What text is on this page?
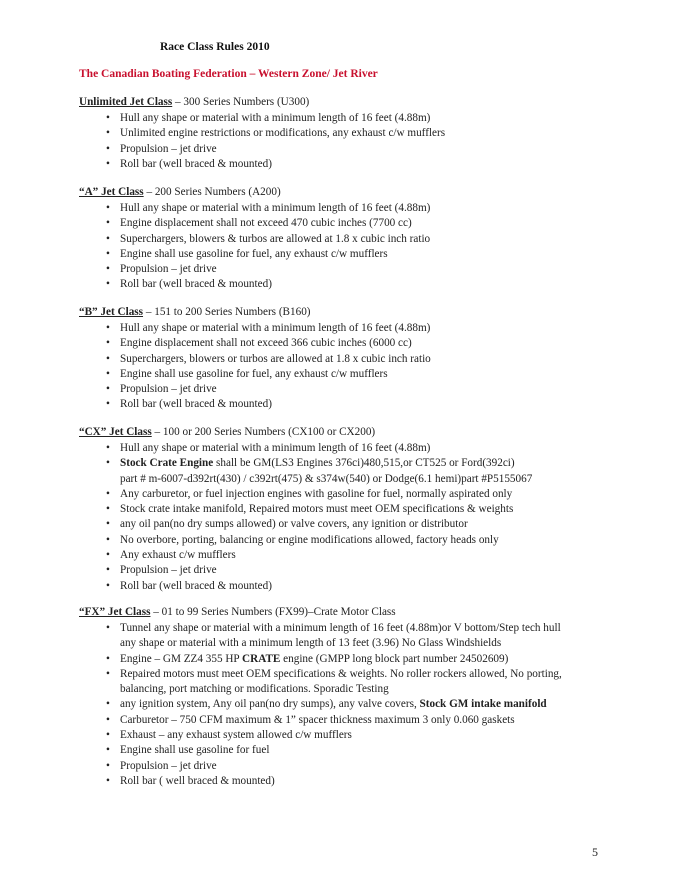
Race Class Rules 2010
The Canadian Boating Federation – Western Zone/ Jet River
Unlimited Jet Class – 300 Series Numbers (U300)
• Hull any shape or material with a minimum length of 16 feet (4.88m)
• Unlimited engine restrictions or modifications, any exhaust c/w mufflers
• Propulsion – jet drive
• Roll bar (well braced & mounted)
“A” Jet Class – 200 Series Numbers (A200)
• Hull any shape or material with a minimum length of 16 feet (4.88m)
• Engine displacement shall not exceed 470 cubic inches (7700 cc)
• Superchargers, blowers & turbos are allowed at 1.8 x cubic inch ratio
• Engine shall use gasoline for fuel, any exhaust c/w mufflers
• Propulsion – jet drive
• Roll bar (well braced & mounted)
“B” Jet Class – 151 to 200 Series Numbers (B160)
• Hull any shape or material with a minimum length of 16 feet (4.88m)
• Engine displacement shall not exceed 366 cubic inches (6000 cc)
• Superchargers, blowers or turbos are allowed at 1.8 x cubic inch ratio
• Engine shall use gasoline for fuel, any exhaust c/w mufflers
• Propulsion – jet drive
• Roll bar (well braced & mounted)
“CX” Jet Class – 100 or 200 Series Numbers (CX100 or CX200)
• Hull any shape or material with a minimum length of 16 feet (4.88m)
• Stock Crate Engine shall be GM(LS3 Engines 376ci)480,515,or CT525 or Ford(392ci)
part # m-6007-d392rt(430) / c392rt(475) & s374w(540) or Dodge(6.1 hemi)part #P5155067
• Any carburetor, or fuel injection engines with gasoline for fuel, normally aspirated only
• Stock crate intake manifold, Repaired motors must meet OEM specifications & weights
• any oil pan(no dry sumps allowed) or valve covers, any ignition or distributor
• No overbore, porting, balancing or engine modifications allowed, factory heads only
• Any exhaust c/w mufflers
• Propulsion – jet drive
• Roll bar (well braced & mounted)
“FX” Jet Class – 01 to 99 Series Numbers (FX99)–Crate Motor Class
• Tunnel any shape or material with a minimum length of 16 feet (4.88m)or V bottom/Step tech hull
any shape or material with a minimum length of 13 feet (3.96) No Glass Windshields
• Engine – GM ZZ4 355 HP CRATE engine (GMPP long block part number 24502609)
• Repaired motors must meet OEM specifications & weights. No roller rockers allowed, No porting,
balancing, port matching or modifications. Sporadic Testing
• any ignition system, Any oil pan(no dry sumps), any valve covers, Stock GM intake manifold
• Carburetor – 750 CFM maximum & 1” spacer thickness maximum 3 only 0.060 gaskets
• Exhaust – any exhaust system allowed c/w mufflers
• Engine shall use gasoline for fuel
• Propulsion – jet drive
• Roll bar ( well braced & mounted)
5
